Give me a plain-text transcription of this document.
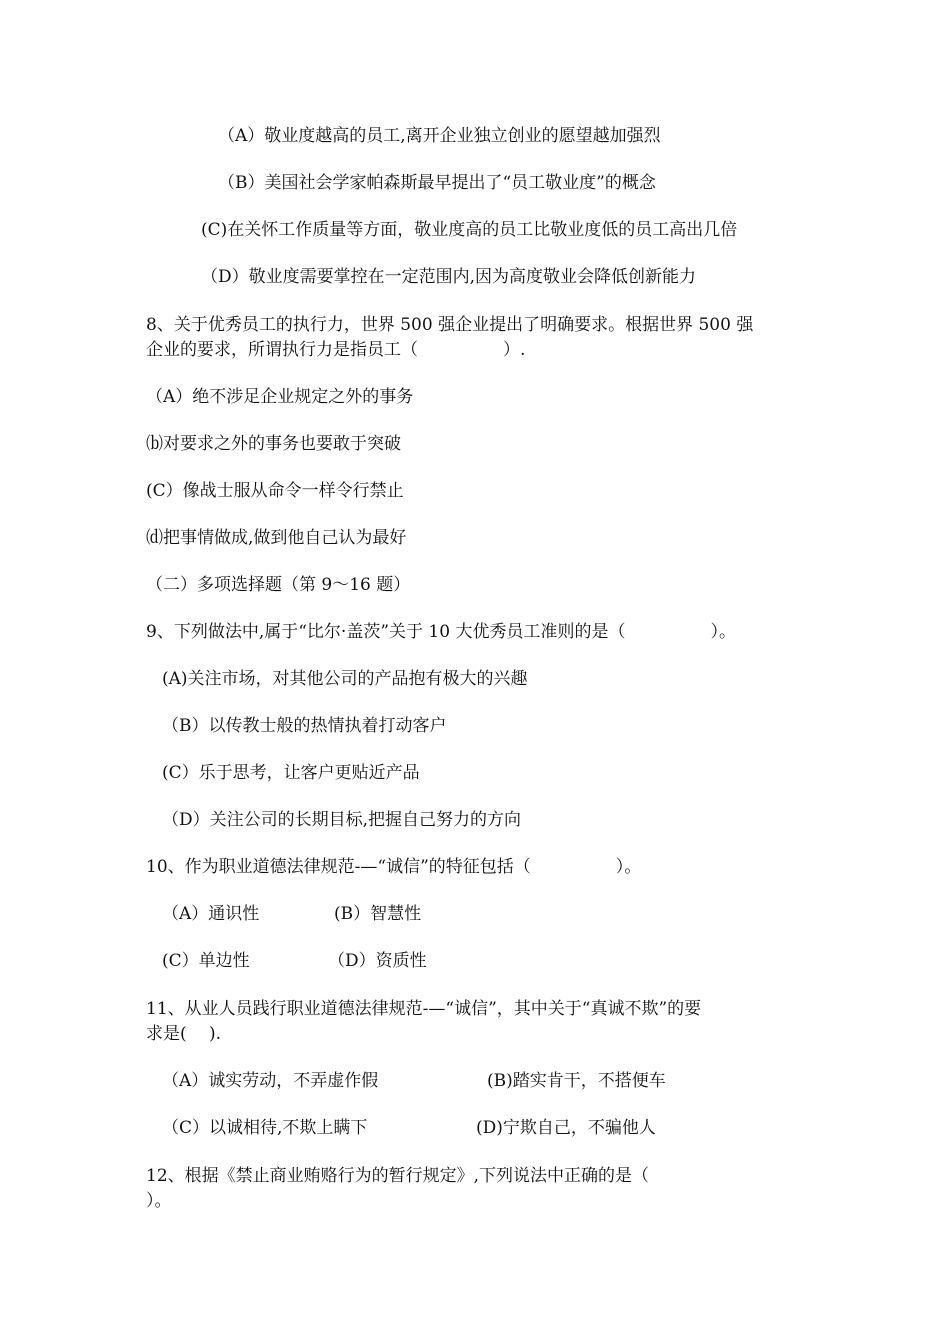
（A）敬业度越高的员工,离开企业独立创业的愿望越加强烈
（B）美国社会学家帕森斯最早提出了“员工敬业度”的概念
(C)在关怀工作质量等方面，敬业度高的员工比敬业度低的员工高出几倍
（D）敬业度需要掌控在一定范围内,因为高度敬业会降低创新能力
8、关于优秀员工的执行力，世界 500 强企业提出了明确要求。根据世界 500 强
企业的要求，所谓执行力是指员工（　　　　　）.
（A）绝不涉足企业规定之外的事务
⒝对要求之外的事务也要敢于突破
(C）像战士服从命令一样令行禁止
⒟把事情做成,做到他自己认为最好
（二）多项选择题（第 9～16 题）
9、下列做法中,属于“比尔·盖茨”关于 10 大优秀员工准则的是（　　　　　）。
(A)关注市场，对其他公司的产品抱有极大的兴趣
（B）以传教士般的热情执着打动客户
(C）乐于思考，让客户更贴近产品
（D）关注公司的长期目标,把握自己努力的方向
10、作为职业道德法律规范-—“诚信”的特征包括（　　　　　）。
（A）通识性	(B）智慧性
(C）单边性	（D）资质性
11、从业人员践行职业道德法律规范-—“诚信”，其中关于“真诚不欺”的要
求是(　 ).
（A）诚实劳动，不弄虚作假	(B)踏实肯干，不搭便车
（C）以诚相待,不欺上瞒下	(D)宁欺自己，不骗他人
12、根据《禁止商业贿赂行为的暂行规定》,下列说法中正确的是（
）。
